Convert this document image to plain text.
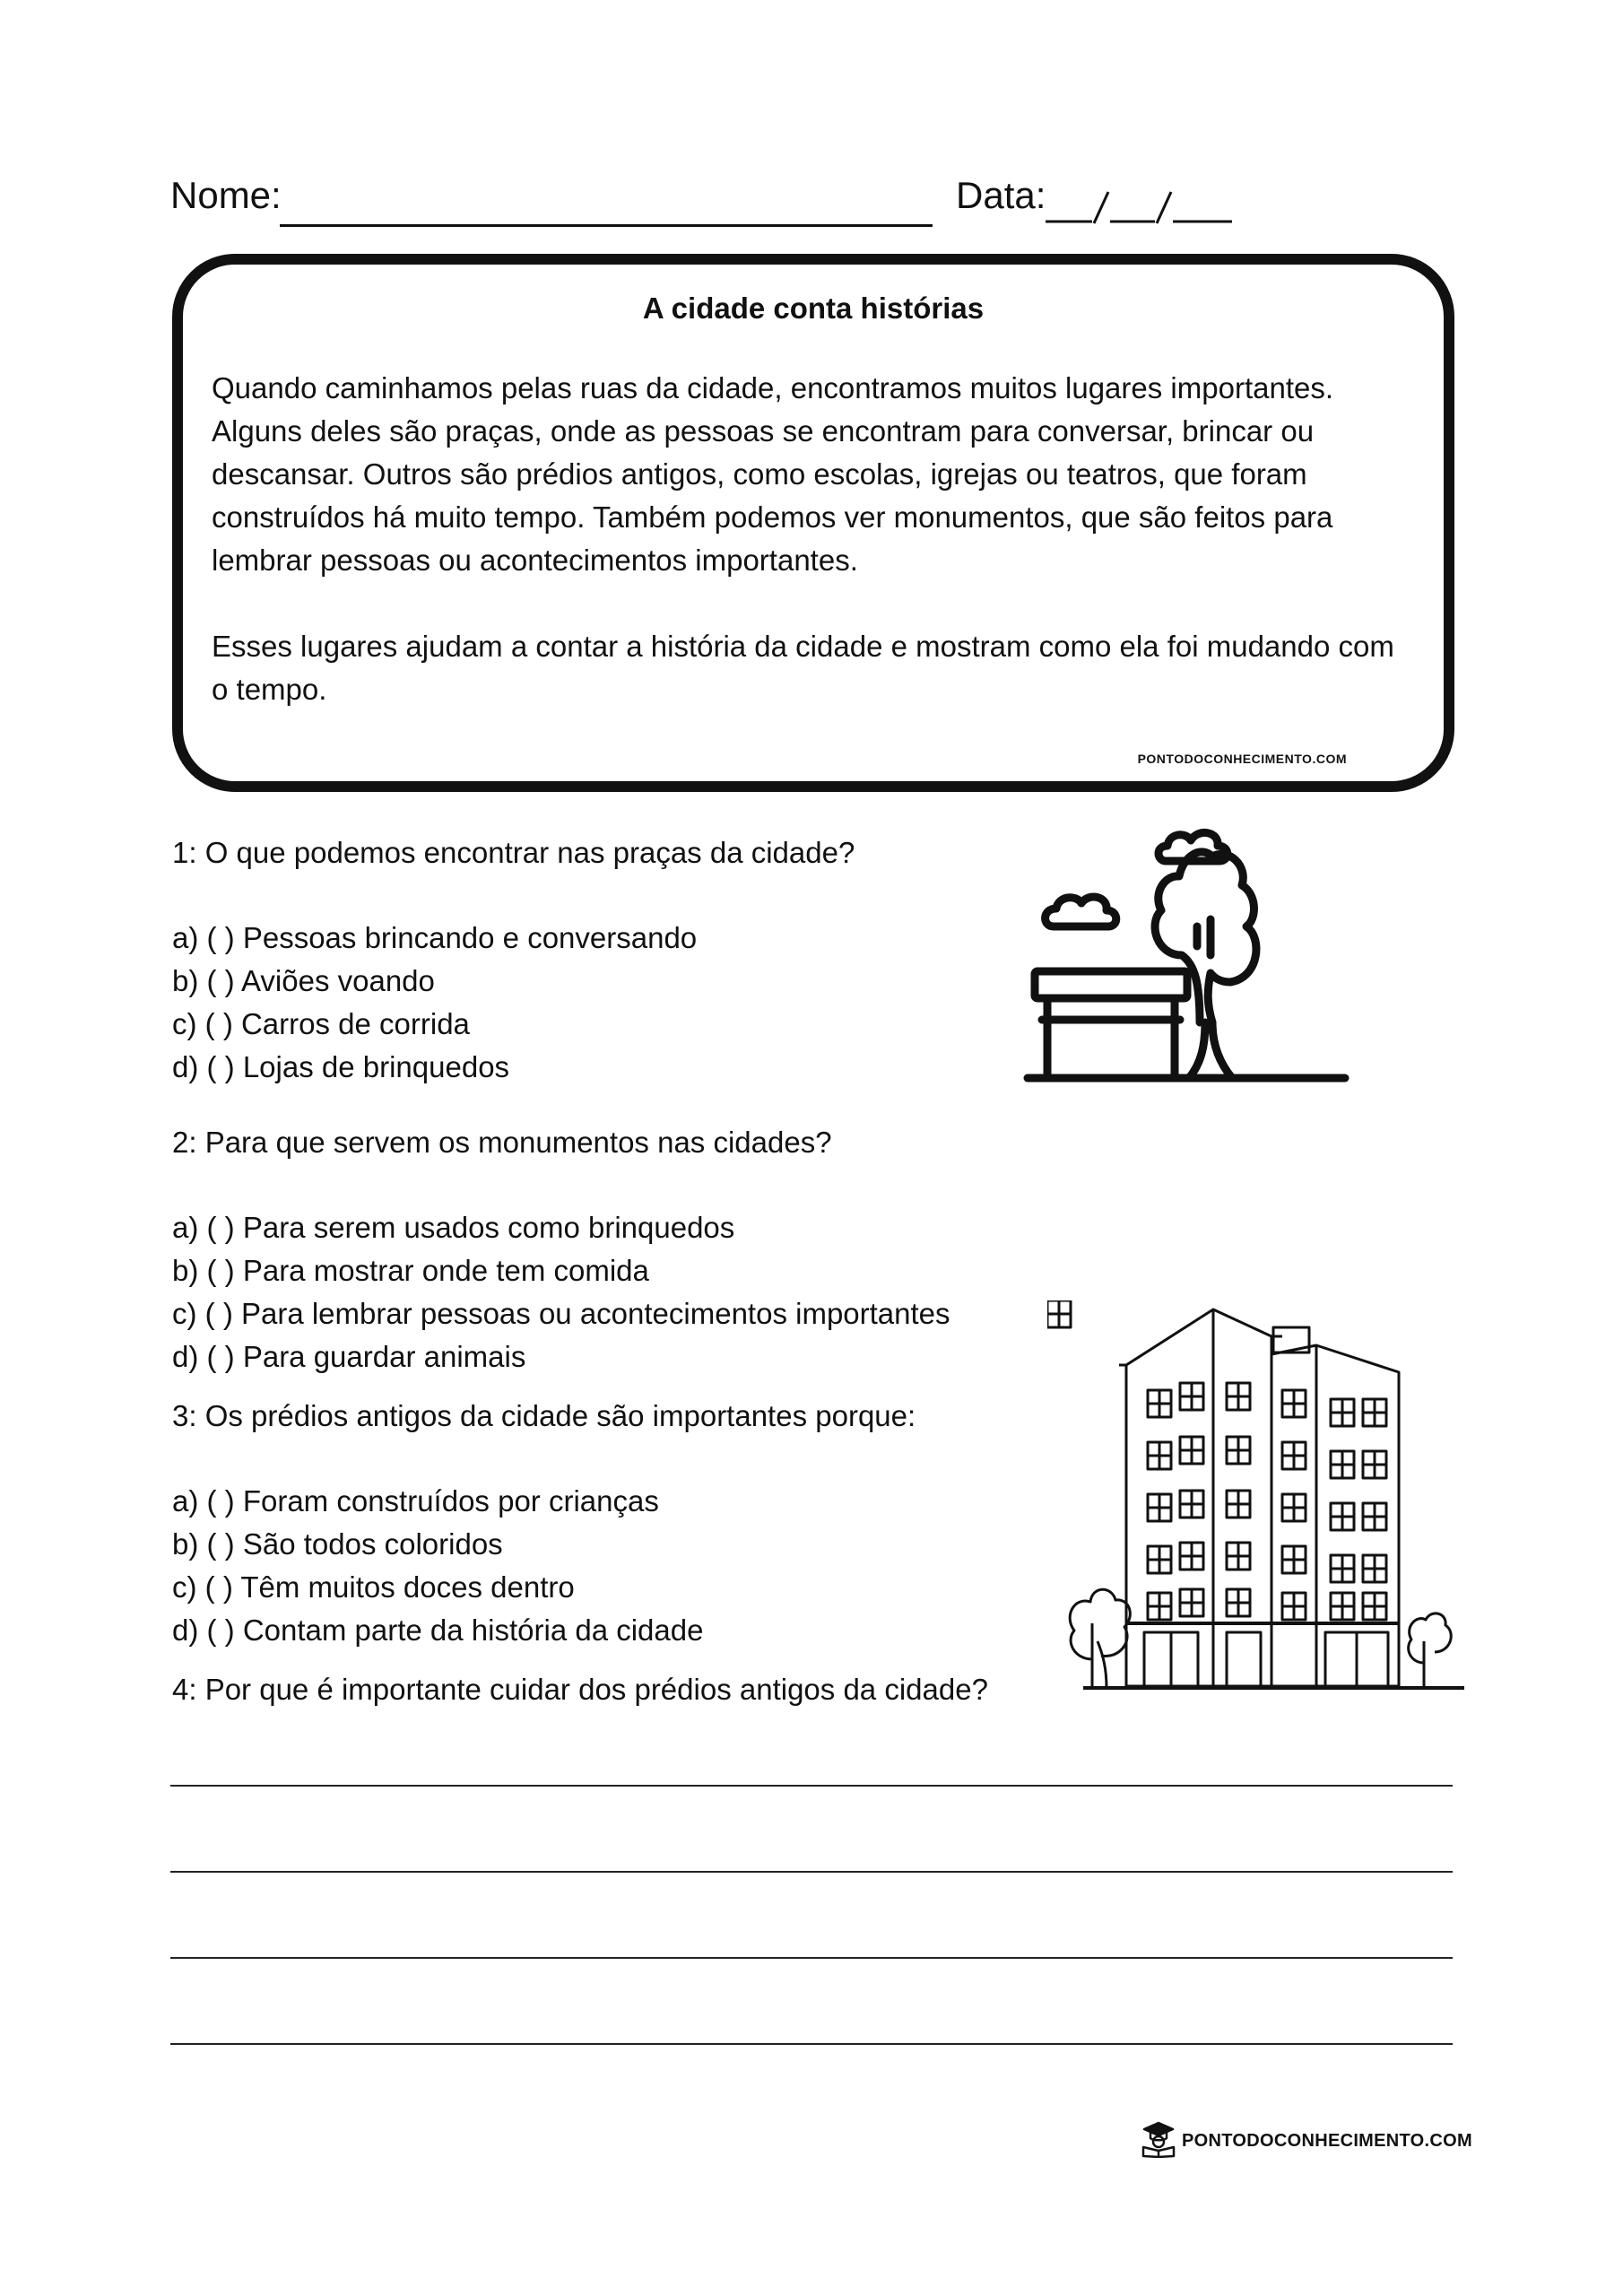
Nome:	Data:
A cidade conta histórias
Quando caminhamos pelas ruas da cidade, encontramos muitos lugares importantes. Alguns deles são praças, onde as pessoas se encontram para conversar, brincar ou descansar. Outros são prédios antigos, como escolas, igrejas ou teatros, que foram construídos há muito tempo. Também podemos ver monumentos, que são feitos para lembrar pessoas ou acontecimentos importantes.
Esses lugares ajudam a contar a história da cidade e mostram como ela foi mudando com o tempo.
PONTODOCONHECIMENTO.COM
1: O que podemos encontrar nas praças da cidade?
a) ( ) Pessoas brincando e conversando
b) ( ) Aviões voando
c) ( ) Carros de corrida
d) ( ) Lojas de brinquedos
2: Para que servem os monumentos nas cidades?
a) ( ) Para serem usados como brinquedos
b) ( ) Para mostrar onde tem comida
c) ( ) Para lembrar pessoas ou acontecimentos importantes
d) ( ) Para guardar animais
3: Os prédios antigos da cidade são importantes porque:
a) ( ) Foram construídos por crianças
b) ( ) São todos coloridos
c) ( ) Têm muitos doces dentro
d) ( ) Contam parte da história da cidade
4: Por que é importante cuidar dos prédios antigos da cidade?
PONTODOCONHECIMENTO.COM
